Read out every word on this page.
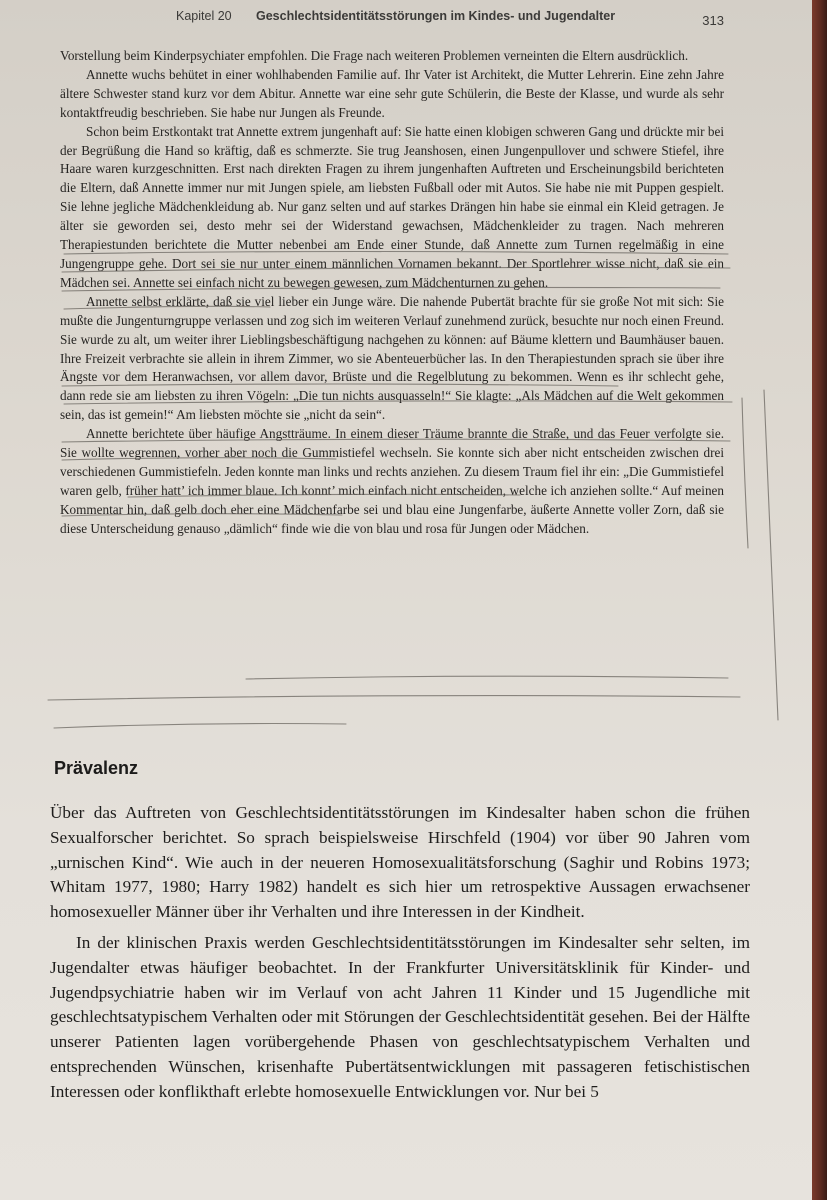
Kapitel 20 Geschlechtsidentitätsstörungen im Kindes- und Jugendalter	313

Vorstellung beim Kinderpsychiater empfohlen. Die Frage nach weiteren Problemen verneinten die Eltern ausdrücklich.

Annette wuchs behütet in einer wohlhabenden Familie auf. Ihr Vater ist Architekt, die Mutter Lehrerin. Eine zehn Jahre ältere Schwester stand kurz vor dem Abitur. Annette war eine sehr gute Schülerin, die Beste der Klasse, und wurde als sehr kontaktfreudig beschrieben. Sie habe nur Jungen als Freunde.

Schon beim Erstkontakt trat Annette extrem jungenhaft auf: Sie hatte einen klobigen schweren Gang und drückte mir bei der Begrüßung die Hand so kräftig, daß es schmerzte. Sie trug Jeanshosen, einen Jungenpullover und schwere Stiefel, ihre Haare waren kurzgeschnitten. Erst nach direkten Fragen zu ihrem jungenhaften Auftreten und Erscheinungsbild berichteten die Eltern, daß Annette immer nur mit Jungen spiele, am liebsten Fußball oder mit Autos. Sie habe nie mit Puppen gespielt. Sie lehne jegliche Mädchenkleidung ab. Nur ganz selten und auf starkes Drängen hin habe sie einmal ein Kleid getragen. Je älter sie geworden sei, desto mehr sei der Widerstand gewachsen, Mädchenkleider zu tragen. Nach mehreren Therapiestunden berichtete die Mutter nebenbei am Ende einer Stunde, daß Annette zum Turnen regelmäßig in eine Jungengruppe gehe. Dort sei sie nur unter einem männlichen Vornamen bekannt. Der Sportlehrer wisse nicht, daß sie ein Mädchen sei. Annette sei einfach nicht zu bewegen gewesen, zum Mädchenturnen zu gehen.

Annette selbst erklärte, daß sie viel lieber ein Junge wäre. Die nahende Pubertät brachte für sie große Not mit sich: Sie mußte die Jungenturngruppe verlassen und zog sich im weiteren Verlauf zunehmend zurück, besuchte nur noch einen Freund. Sie wurde zu alt, um weiter ihrer Lieblingsbeschäftigung nachgehen zu können: auf Bäume klettern und Baumhäuser bauen. Ihre Freizeit verbrachte sie allein in ihrem Zimmer, wo sie Abenteuerbücher las. In den Therapiestunden sprach sie über ihre Ängste vor dem Heranwachsen, vor allem davor, Brüste und die Regelblutung zu bekommen. Wenn es ihr schlecht gehe, dann rede sie am liebsten zu ihren Vögeln: „Die tun nichts ausquasseln!“ Sie klagte: „Als Mädchen auf die Welt gekommen sein, das ist gemein!“ Am liebsten möchte sie „nicht da sein“.

Annette berichtete über häufige Angstträume. In einem dieser Träume brannte die Straße, und das Feuer verfolgte sie. Sie wollte wegrennen, vorher aber noch die Gummistiefel wechseln. Sie konnte sich aber nicht entscheiden zwischen drei verschiedenen Gummistiefeln. Jeden konnte man links und rechts anziehen. Zu diesem Traum fiel ihr ein: „Die Gummistiefel waren gelb, früher hatt’ ich immer blaue. Ich konnt’ mich einfach nicht entscheiden, welche ich anziehen sollte.“ Auf meinen Kommentar hin, daß gelb doch eher eine Mädchenfarbe sei und blau eine Jungenfarbe, äußerte Annette voller Zorn, daß sie diese Unterscheidung genauso „dämlich“ finde wie die von blau und rosa für Jungen oder Mädchen.

Prävalenz

Über das Auftreten von Geschlechtsidentitätsstörungen im Kindesalter haben schon die frühen Sexualforscher berichtet. So sprach beispielsweise Hirschfeld (1904) vor über 90 Jahren vom „urnischen Kind“. Wie auch in der neueren Homosexualitätsforschung (Saghir und Robins 1973; Whitam 1977, 1980; Harry 1982) handelt es sich hier um retrospektive Aussagen erwachsener homosexueller Männer über ihr Verhalten und ihre Interessen in der Kindheit.

In der klinischen Praxis werden Geschlechtsidentitätsstörungen im Kindesalter sehr selten, im Jugendalter etwas häufiger beobachtet. In der Frankfurter Universitätsklinik für Kinder- und Jugendpsychiatrie haben wir im Verlauf von acht Jahren 11 Kinder und 15 Jugendliche mit geschlechtsatypischem Verhalten oder mit Störungen der Geschlechtsidentität gesehen. Bei der Hälfte unserer Patienten lagen vorübergehende Phasen von geschlechtsatypischem Verhalten und entsprechenden Wünschen, krisenhafte Pubertätsentwicklungen mit passageren fetischistischen Interessen oder konflikthaft erlebte homosexuelle Entwicklungen vor. Nur bei 5
